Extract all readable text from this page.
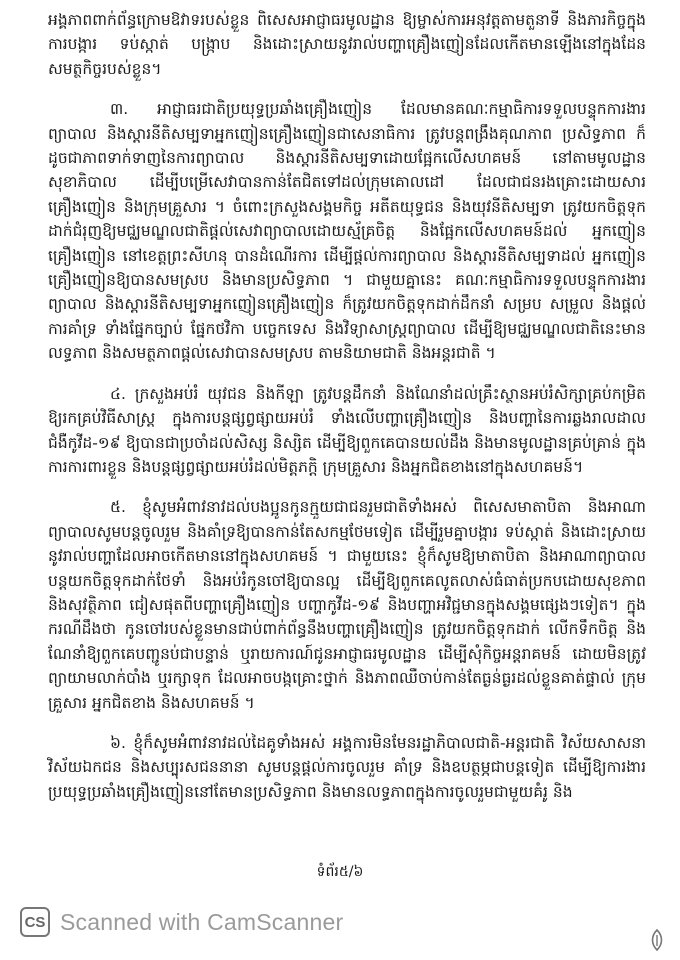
អង្គភាពពាក់ព័ន្ធក្រោមឱវាទរបស់ខ្លួន ពិសេសអាជ្ញាធរមូលដ្ឋាន ឱ្យម្ចាស់ការអនុវត្តតាមតួនាទី និងភារកិច្ចក្នុងការបង្ការ ទប់ស្កាត់ បង្ក្រាប និងដោះស្រាយនូវរាល់បញ្ហាគ្រឿងញៀនដែលកើតមានឡើងនៅក្នុងដែនសមត្ថកិច្ចរបស់ខ្លួន។

៣. អាជ្ញាធរជាតិប្រយុទ្ធប្រឆាំងគ្រឿងញៀន ដែលមានគណៈកម្មាធិការទទួលបន្ទុកការងារព្យាបាល និងស្តារនីតិសម្បទាអ្នកញៀនគ្រឿងញៀនជាសេនាធិការ ត្រូវបន្តពង្រឹងគុណភាព ប្រសិទ្ធភាព ក៏ដូចជាភាពទាក់ទាញនៃការព្យាបាល និងស្តារនីតិសម្បទាដោយផ្អែកលើសហគមន៍ នៅតាមមូលដ្ឋានសុខាភិបាល ដើម្បីបម្រើសេវាបានកាន់តែជិតទៅដល់ក្រុមគោលដៅ ដែលជាជនរងគ្រោះដោយសារគ្រឿងញៀន និងក្រុមគ្រួសារ ។ ចំពោះក្រសួងសង្គមកិច្ច អតីតយុទ្ធជន និងយុវនីតិសម្បទា ត្រូវយកចិត្តទុកដាក់ជំរុញឱ្យមជ្ឈមណ្ឌលជាតិផ្តល់សេវាព្យាបាលដោយស្ម័គ្រចិត្ត និងផ្អែកលើសហគមន៍ដល់ អ្នកញៀនគ្រឿងញៀន នៅខេត្តព្រះសីហនុ បានដំណើរការ ដើម្បីផ្តល់ការព្យាបាល និងស្តារនីតិសម្បទាដល់ អ្នកញៀនគ្រឿងញៀនឱ្យបានសមស្រប និងមានប្រសិទ្ធភាព ។ ជាមួយគ្នានេះ គណៈកម្មាធិការទទួលបន្ទុកការងារព្យាបាល និងស្តារនីតិសម្បទាអ្នកញៀនគ្រឿងញៀន ក៏ត្រូវយកចិត្តទុកដាក់ដឹកនាំ សម្រប សម្រួល និងផ្តល់ការគាំទ្រ ទាំងផ្នែកច្បាប់ ផ្នែកថវិកា បច្ចេកទេស និងវិទ្យាសាស្ត្រព្យាបាល ដើម្បីឱ្យមជ្ឈមណ្ឌលជាតិនេះមានលទ្ធភាព និងសមត្ថភាពផ្តល់សេវាបានសមស្រប តាមនិយាមជាតិ និងអន្តរជាតិ ។

៤. ក្រសួងអប់រំ យុវជន និងកីឡា ត្រូវបន្តដឹកនាំ និងណែនាំដល់គ្រឹះស្ថានអប់រំសិក្សាគ្រប់កម្រិត ឱ្យរកគ្រប់វិធីសាស្ត្រ ក្នុងការបន្តផ្សព្វផ្សាយអប់រំ ទាំងលើបញ្ហាគ្រឿងញៀន និងបញ្ហានៃការឆ្លងរាលដាលជំងឺកូវីដ-១៩ ឱ្យបានជាប្រចាំដល់សិស្ស និស្សិត ដើម្បីឱ្យពួកគេបានយល់ដឹង និងមានមូលដ្ឋានគ្រប់គ្រាន់ ក្នុងការការពារខ្លួន និងបន្តផ្សព្វផ្សាយអប់រំដល់មិត្តភក្តិ ក្រុមគ្រួសារ និងអ្នកជិតខាងនៅក្នុងសហគមន៍។

៥. ខ្ញុំសូមអំពាវនាវដល់បងប្អូនកូនក្មួយជាជនរួមជាតិទាំងអស់ ពិសេសមាតាបិតា និងអាណាព្យាបាលសូមបន្តចូលរួម និងគាំទ្រឱ្យបានកាន់តែសកម្មថែមទៀត ដើម្បីរួមគ្នាបង្ការ ទប់ស្កាត់ និងដោះស្រាយនូវរាល់បញ្ហាដែលអាចកើតមាននៅក្នុងសហគមន៍ ។ ជាមួយនេះ ខ្ញុំក៏សូមឱ្យមាតាបិតា និងអាណាព្យាបាល បន្តយកចិត្តទុកដាក់ថែទាំ និងអប់រំកូនចៅឱ្យបានល្អ ដើម្បីឱ្យពួកគេលូតលាស់ធំធាត់ប្រកបដោយសុខភាព និងសុវត្ថិភាព ជៀសផុតពីបញ្ហាគ្រឿងញៀន បញ្ហាកូវីដ-១៩ និងបញ្ហាអវិជ្ជមានក្នុងសង្គមផ្សេងៗទៀត។ ក្នុងករណីដឹងថា កូនចៅរបស់ខ្លួនមានជាប់ពាក់ព័ន្ធនឹងបញ្ហាគ្រឿងញៀន ត្រូវយកចិត្តទុកដាក់ លើកទឹកចិត្ត និងណែនាំឱ្យពួកគេបញ្ជូនប់ជាបន្ទាន់ ឬរាយការណ៍ជូនអាជ្ញាធរមូលដ្ឋាន ដើម្បីសុំកិច្ចអន្តរាគមន៍ ដោយមិនត្រូវព្យាយាមលាក់បាំង ឬរក្សាទុក ដែលអាចបង្កគ្រោះថ្នាក់ និងភាពឈឺចាប់កាន់តែធ្ងន់ធ្ងរដល់ខ្លួនគាត់ផ្ទាល់ ក្រុមគ្រួសារ អ្នកជិតខាង និងសហគមន៍ ។

៦. ខ្ញុំក៏សូមអំពាវនាវដល់ដៃគូទាំងអស់ អង្គការមិនមែនរដ្ឋាភិបាលជាតិ-អន្តរជាតិ វិស័យសាសនា វិស័យឯកជន និងសប្បុរសជននានា សូមបន្តផ្តល់ការចូលរួម គាំទ្រ និងឧបត្ថម្ភជាបន្តទៀត ដើម្បីឱ្យការងារប្រយុទ្ធប្រឆាំងគ្រឿងញៀននៅតែមានប្រសិទ្ធភាព និងមានលទ្ធភាពក្នុងការចូលរួមជាមួយគំរូ និង

ទំព័រ៥/៦
CS Scanned with CamScanner
